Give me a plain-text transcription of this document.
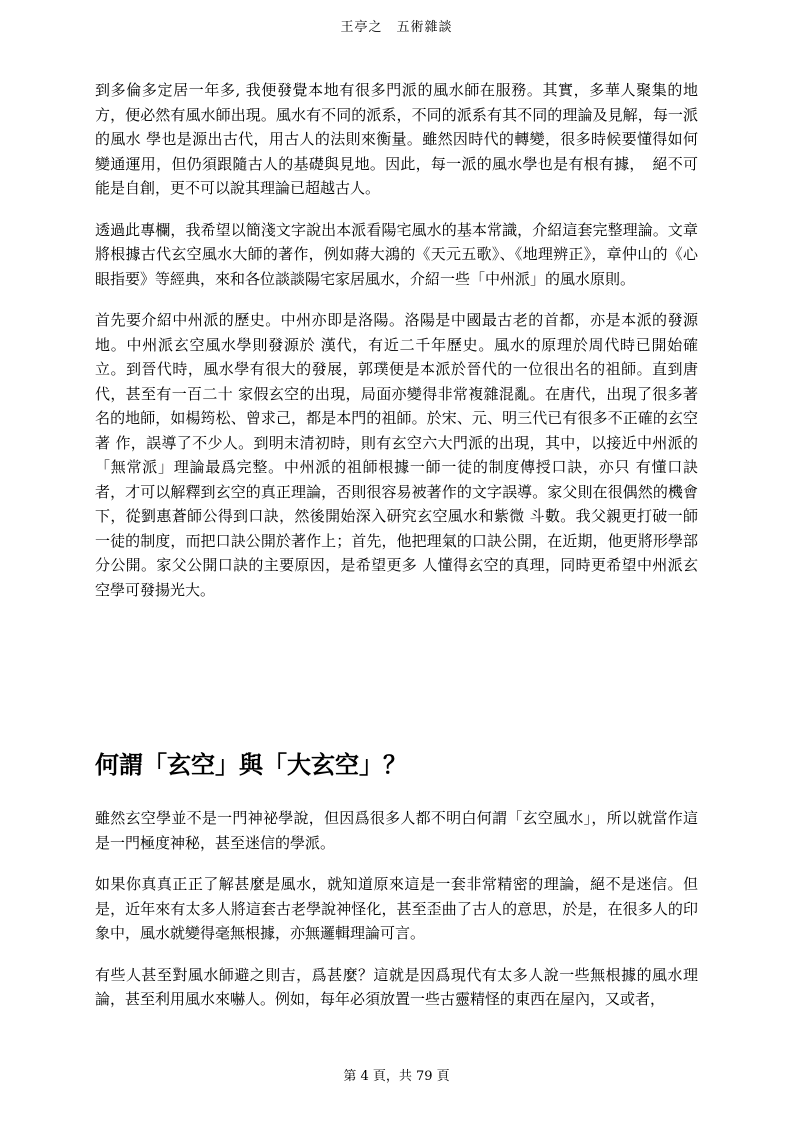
王亭之　五術雜談

到多倫多定居一年多, 我便發覺本地有很多門派的風水師在服務。其實，多華人聚集的地方，便必然有風水師出現。風水有不同的派系，不同的派系有其不同的理論及見解，每一派的風水 學也是源出古代，用古人的法則來衡量。雖然因時代的轉變，很多時候要懂得如何變通運用，但仍須跟隨古人的基礎與見地。因此，每一派的風水學也是有根有據，　絕不可能是自創，更不可以說其理論已超越古人。

透過此專欄，我希望以簡淺文字說出本派看陽宅風水的基本常識，介紹這套完整理論。文章將根據古代玄空風水大師的著作，例如蔣大鴻的《天元五歌》、《地理辨正》，章仲山的《心眼指要》等經典，來和各位談談陽宅家居風水，介紹一些「中州派」的風水原則。

首先要介紹中州派的歷史。中州亦即是洛陽。洛陽是中國最古老的首都，亦是本派的發源地。中州派玄空風水學則發源於 漢代，有近二千年歷史。風水的原理於周代時已開始確立。到晉代時，風水學有很大的發展，郭璞便是本派於晉代的一位很出名的祖師。直到唐代，甚至有一百二十 家假玄空的出現，局面亦變得非常複雜混亂。在唐代，出現了很多著名的地師，如楊筠松、曾求己，都是本門的祖師。於宋、元、明三代已有很多不正確的玄空著 作，誤導了不少人。到明末清初時，則有玄空六大門派的出現，其中，以接近中州派的「無常派」理論最爲完整。中州派的祖師根據一師一徒的制度傳授口訣，亦只 有懂口訣者，才可以解釋到玄空的真正理論，否則很容易被著作的文字誤導。家父則在很偶然的機會下，從劉惠蒼師公得到口訣，然後開始深入研究玄空風水和紫微 斗數。我父親更打破一師一徒的制度，而把口訣公開於著作上；首先，他把理氣的口訣公開，在近期，他更將形學部分公開。家父公開口訣的主要原因，是希望更多 人懂得玄空的真理，同時更希望中州派玄空學可發揚光大。

何謂「玄空」與「大玄空」？

雖然玄空學並不是一門神祕學說，但因爲很多人都不明白何謂「玄空風水」，所以就當作這是一門極度神秘，甚至迷信的學派。

如果你真真正正了解甚麼是風水，就知道原來這是一套非常精密的理論，絕不是迷信。但是，近年來有太多人將這套古老學說神怪化，甚至歪曲了古人的意思，於是，在很多人的印象中，風水就變得毫無根據，亦無邏輯理論可言。

有些人甚至對風水師避之則吉，爲甚麼？這就是因爲現代有太多人說一些無根據的風水理論，甚至利用風水來嚇人。例如，每年必須放置一些古靈精怪的東西在屋內，又或者，

第 4 頁，共 79 頁
